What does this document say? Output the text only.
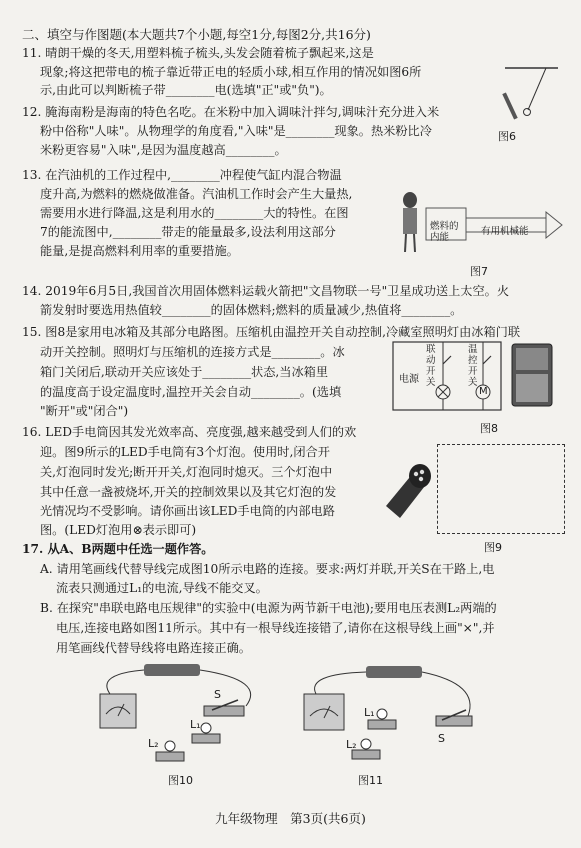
二、填空与作图题(本大题共7个小题,每空1分,每图2分,共16分)
11. 晴朗干燥的冬天,用塑料梳子梳头,头发会随着梳子飘起来,这是
现象;将这把带电的梳子靠近带正电的轻质小球,相互作用的情况如图6所
示,由此可以判断梳子带________电(选填"正"或"负")。
图6
12. 腌海南粉是海南的特色名吃。在米粉中加入调味汁拌匀,调味汁充分进入米
粉中俗称"人味"。从物理学的角度看,"入味"是________现象。热米粉比冷
米粉更容易"入味",是因为温度越高________。
13. 在汽油机的工作过程中,________冲程使气缸内混合物温
度升高,为燃料的燃烧做准备。汽油机工作时会产生大量热,
需要用水进行降温,这是利用水的________大的特性。在图
7的能流图中,________带走的能量最多,设法利用这部分
能量,是提高燃料利用率的重要措施。
燃料的内能
有用机械能
图7
14. 2019年6月5日,我国首次用固体燃料运载火箭把"文昌物联一号"卫星成功送上太空。火
箭发射时要选用热值较________的固体燃料;燃料的质量减少,热值将________。
15. 图8是家用电冰箱及其部分电路图。压缩机由温控开关自动控制,冷藏室照明灯由冰箱门联
动开关控制。照明灯与压缩机的连接方式是________。冰
箱门关闭后,联动开关应该处于________状态,当冰箱里
的温度高于设定温度时,温控开关会自动________。(选填
"断开"或"闭合")
电源
联动开关
温控开关
M
图8
16. LED手电筒因其发光效率高、亮度强,越来越受到人们的欢
迎。图9所示的LED手电筒有3个灯泡。使用时,闭合开
关,灯泡同时发光;断开开关,灯泡同时熄灭。三个灯泡中
其中任意一盏被烧坏,开关的控制效果以及其它灯泡的发
光情况均不受影响。请你画出该LED手电筒的内部电路
图。(LED灯泡用⊗表示即可)
图9
17. 从A、B两题中任选一题作答。
A. 请用笔画线代替导线完成图10所示电路的连接。要求:两灯并联,开关S在干路上,电
流表只测通过L₁的电流,导线不能交叉。
B. 在探究"串联电路电压规律"的实验中(电源为两节新干电池);要用电压表测L₂两端的
电压,连接电路如图11所示。其中有一根导线连接错了,请你在这根导线上画"×",并
用笔画线代替导线将电路连接正确。
S
L₁
L₂
图10
L₁
L₂	S
图11
九年级物理　第3页(共6页)
